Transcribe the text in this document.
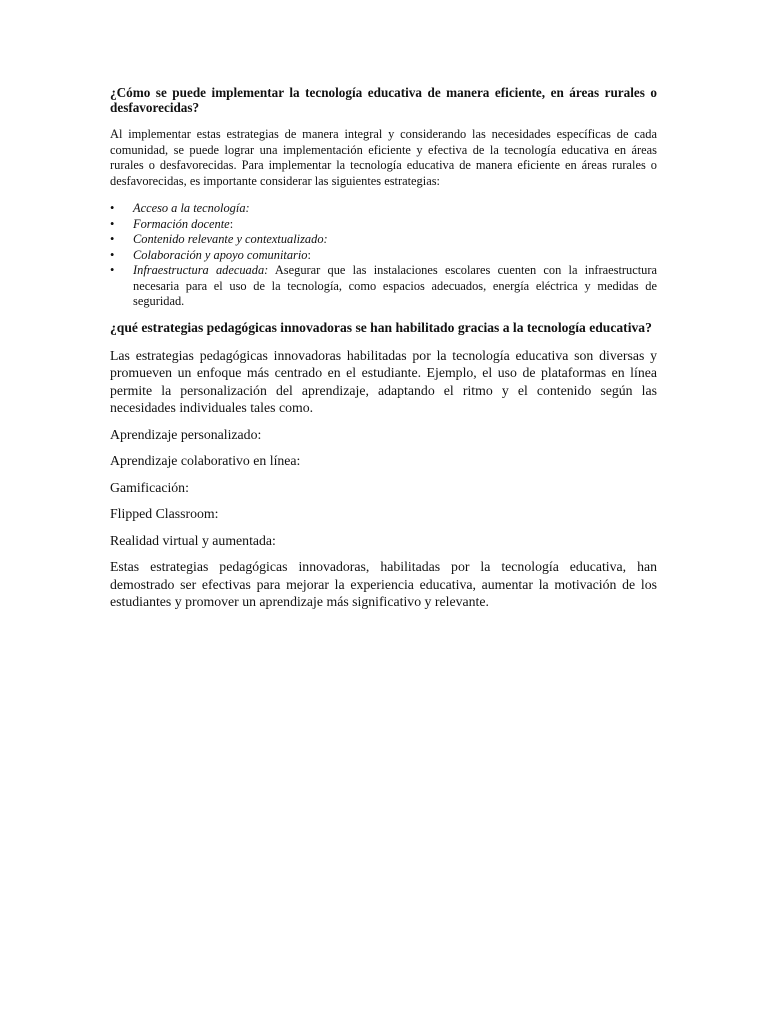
¿Cómo se puede implementar la tecnología educativa de manera eficiente, en áreas rurales o desfavorecidas?

Al implementar estas estrategias de manera integral y considerando las necesidades específicas de cada comunidad, se puede lograr una implementación eficiente y efectiva de la tecnología educativa en áreas rurales o desfavorecidas. Para implementar la tecnología educativa de manera eficiente en áreas rurales o desfavorecidas, es importante considerar las siguientes estrategias:

• Acceso a la tecnología:
• Formación docente:
• Contenido relevante y contextualizado:
• Colaboración y apoyo comunitario:
• Infraestructura adecuada: Asegurar que las instalaciones escolares cuenten con la infraestructura necesaria para el uso de la tecnología, como espacios adecuados, energía eléctrica y medidas de seguridad.

¿qué estrategias pedagógicas innovadoras se han habilitado gracias a la tecnología educativa?

Las estrategias pedagógicas innovadoras habilitadas por la tecnología educativa son diversas y promueven un enfoque más centrado en el estudiante. Ejemplo, el uso de plataformas en línea permite la personalización del aprendizaje, adaptando el ritmo y el contenido según las necesidades individuales tales como.

Aprendizaje personalizado:

Aprendizaje colaborativo en línea:

Gamificación:

Flipped Classroom:

Realidad virtual y aumentada:

Estas estrategias pedagógicas innovadoras, habilitadas por la tecnología educativa, han demostrado ser efectivas para mejorar la experiencia educativa, aumentar la motivación de los estudiantes y promover un aprendizaje más significativo y relevante.
